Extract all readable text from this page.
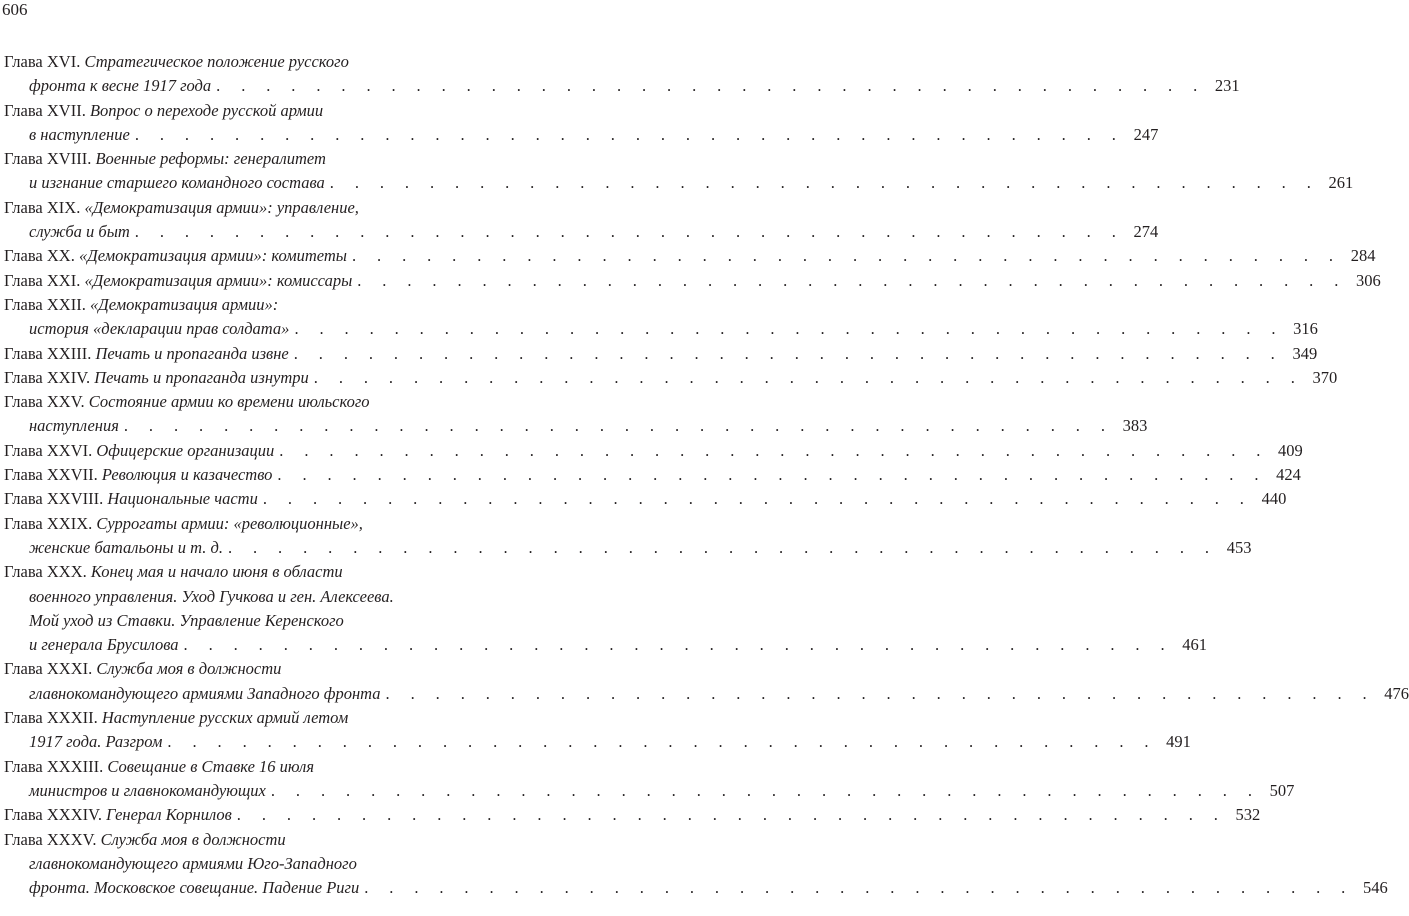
606
Глава XVI. Стратегическое положение русского
фронта к весне 1917 года . . . . . . . . . . . . . . . . . . . . . . . . . . . . . . . . . . . . . . . . 231
Глава XVII. Вопрос о переходе русской армии
в наступление . . . . . . . . . . . . . . . . . . . . . . . . . . . . . . . . . . . . . . . . 247
Глава XVIII. Военные реформы: генералитет
и изгнание старшего командного состава . . . . . . . . . . . . . . . . . . . . . . . . . . . . . . . . . . . . . . . . 261
Глава XIX. «Демократизация армии»: управление,
служба и быт . . . . . . . . . . . . . . . . . . . . . . . . . . . . . . . . . . . . . . . . 274
Глава XX. «Демократизация армии»: комитеты . . . . . . . . . . . . . . . . . . . . . . . . . . . . . . . . . . . . . . . . 284
Глава XXI. «Демократизация армии»: комиссары . . . . . . . . . . . . . . . . . . . . . . . . . . . . . . . . . . . . . . . . 306
Глава XXII. «Демократизация армии»:
история «декларации прав солдата» . . . . . . . . . . . . . . . . . . . . . . . . . . . . . . . . . . . . . . . . 316
Глава XXIII. Печать и пропаганда извне . . . . . . . . . . . . . . . . . . . . . . . . . . . . . . . . . . . . . . . . 349
Глава XXIV. Печать и пропаганда изнутри . . . . . . . . . . . . . . . . . . . . . . . . . . . . . . . . . . . . . . . . 370
Глава XXV. Состояние армии ко времени июльского
наступления . . . . . . . . . . . . . . . . . . . . . . . . . . . . . . . . . . . . . . . . 383
Глава XXVI. Офицерские организации . . . . . . . . . . . . . . . . . . . . . . . . . . . . . . . . . . . . . . . . 409
Глава XXVII. Революция и казачество . . . . . . . . . . . . . . . . . . . . . . . . . . . . . . . . . . . . . . . . 424
Глава XXVIII. Национальные части . . . . . . . . . . . . . . . . . . . . . . . . . . . . . . . . . . . . . . . . 440
Глава XXIX. Суррогаты армии: «революционные»,
женские батальоны и т. д. . . . . . . . . . . . . . . . . . . . . . . . . . . . . . . . . . . . . . . . . 453
Глава XXX. Конец мая и начало июня в области
военного управления. Уход Гучкова и ген. Алексеева.
Мой уход из Ставки. Управление Керенского
и генерала Брусилова . . . . . . . . . . . . . . . . . . . . . . . . . . . . . . . . . . . . . . . . 461
Глава XXXI. Служба моя в должности
главнокомандующего армиями Западного фронта . . . . . . . . . . . . . . . . . . . . . . . . . . . . . . . . . . . . . . . . 476
Глава XXXII. Наступление русских армий летом
1917 года. Разгром . . . . . . . . . . . . . . . . . . . . . . . . . . . . . . . . . . . . . . . . 491
Глава XXXIII. Совещание в Ставке 16 июля
министров и главнокомандующих . . . . . . . . . . . . . . . . . . . . . . . . . . . . . . . . . . . . . . . . 507
Глава XXXIV. Генерал Корнилов . . . . . . . . . . . . . . . . . . . . . . . . . . . . . . . . . . . . . . . . 532
Глава XXXV. Служба моя в должности
главнокомандующего армиями Юго-Западного
фронта. Московское совещание. Падение Риги . . . . . . . . . . . . . . . . . . . . . . . . . . . . . . . . . . . . . . . . 546
